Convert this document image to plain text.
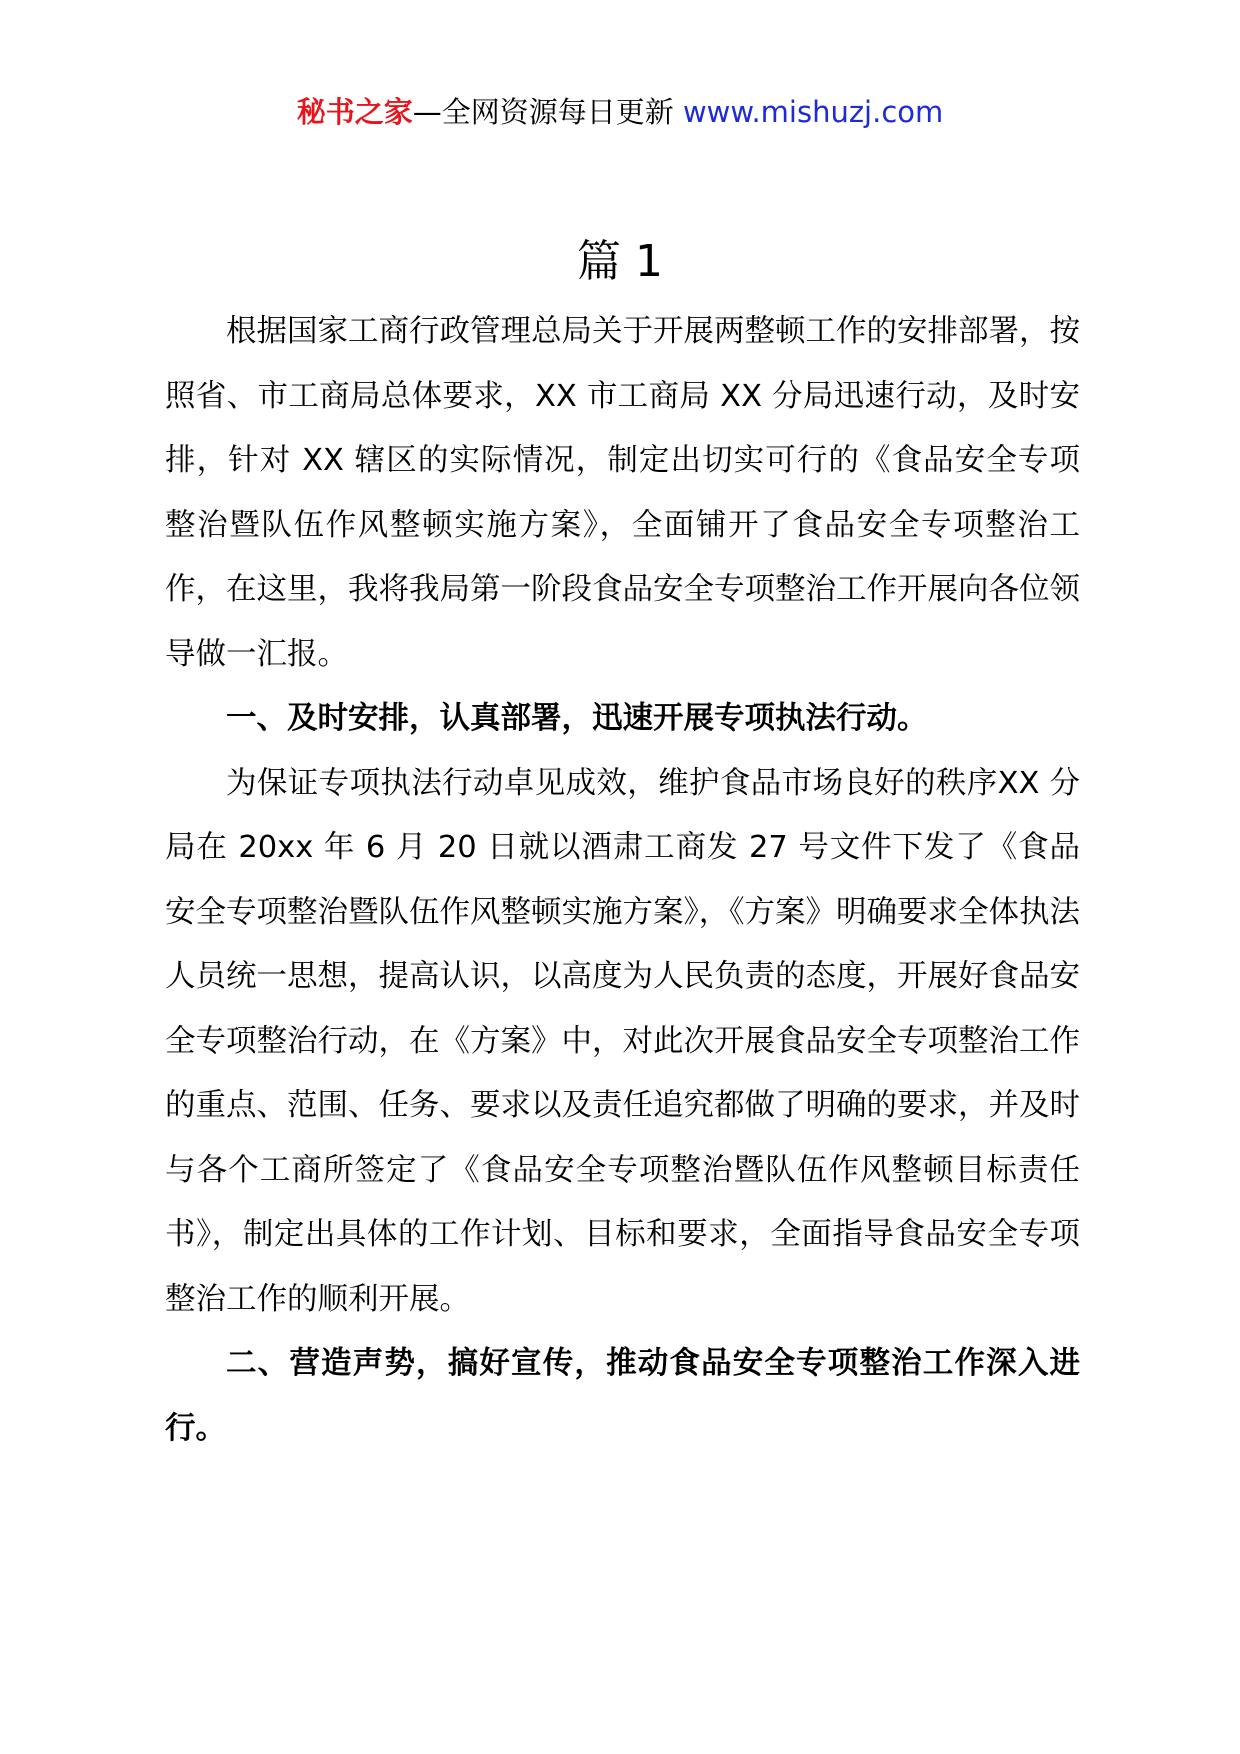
秘书之家—全网资源每日更新 www.mishuzj.com
篇 1

根据国家工商行政管理总局关于开展两整顿工作的安排部署，按照省、市工商局总体要求，XX 市工商局 XX 分局迅速行动，及时安排，针对 XX 辖区的实际情况，制定出切实可行的《食品安全专项整治暨队伍作风整顿实施方案》，全面铺开了食品安全专项整治工作，在这里，我将我局第一阶段食品安全专项整治工作开展向各位领导做一汇报。

一、及时安排，认真部署，迅速开展专项执法行动。

为保证专项执法行动卓见成效，维护食品市场良好的秩序XX 分局在 20xx 年 6 月 20 日就以酒肃工商发 27 号文件下发了《食品安全专项整治暨队伍作风整顿实施方案》，《方案》明确要求全体执法人员统一思想，提高认识，以高度为人民负责的态度，开展好食品安全专项整治行动，在《方案》中，对此次开展食品安全专项整治工作的重点、范围、任务、要求以及责任追究都做了明确的要求，并及时与各个工商所签定了《食品安全专项整治暨队伍作风整顿目标责任书》，制定出具体的工作计划、目标和要求，全面指导食品安全专项整治工作的顺利开展。

二、营造声势，搞好宣传，推动食品安全专项整治工作深入进行。
